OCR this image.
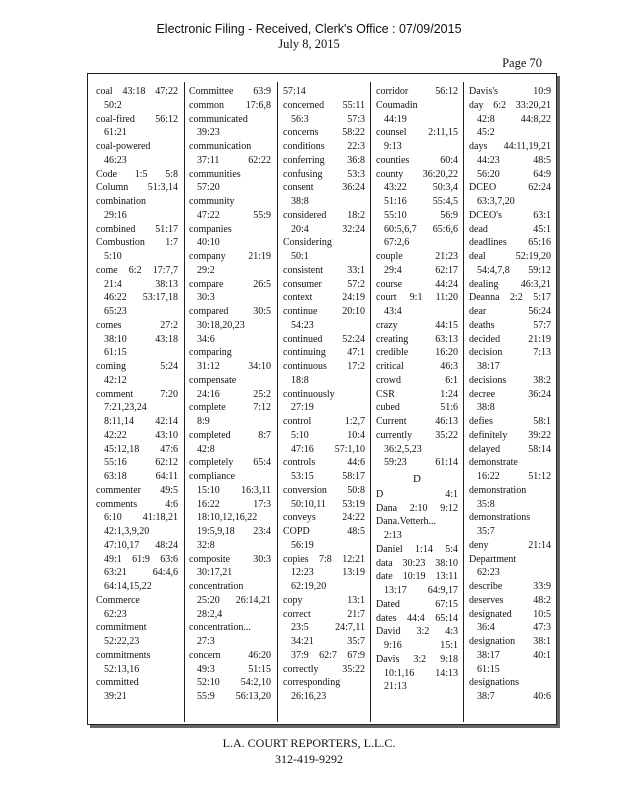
Electronic Filing - Received, Clerk's Office : 07/09/2015
July 8, 2015
Page 70
coal 43:18 47:22
50:2
coal-fired 56:12
61:21
coal-powered
46:23
Code 1:5 5:8
Column 51:3,14
combination
29:16
combined 51:17
Combustion 1:7
5:10
come 6:2 17:7,7
21:4 38:13
46:22 53:17,18
65:23
comes 27:2
38:10 43:18
61:15
coming 5:24
42:12
comment 7:20
7:21,23,24
8:11,14 42:14
42:22 43:10
45:12,18 47:6
55:16 62:12
63:18 64:11
commenter 49:5
comments 4:6
6:10 41:18,21
42:1,3,9,20
47:10,17 48:24
49:1 61:9 63:6
63:21 64:4,6
64:14,15,22
Commerce
62:23
commitment
52:22,23
commitments
52:13,16
committed
39:21
Committee 63:9
common 17:6,8
communicated
39:23
communication
37:11 62:22
communities
57:20
community
47:22 55:9
companies
40:10
company 21:19
29:2
compare 26:5
30:3
compared 30:5
30:18,20,23
34:6
comparing
31:12 34:10
compensate
24:16 25:2
complete 7:12
8:9
completed 8:7
42:8
completely 65:4
compliance
15:10 16:3,11
16:22 17:3
18:10,12,16,22
19:5,9,18 23:4
32:8
composite 30:3
30:17,21
concentration
25:20 26:14,21
28:2,4
concentration...
27:3
concern 46:20
49:3 51:15
52:10 54:2,10
55:9 56:13,20
57:14
concerned 55:11
56:3 57:3
concerns 58:22
conditions 22:3
conferring 36:8
confusing 53:3
consent 36:24
38:8
considered 18:2
20:4 32:24
Considering
50:1
consistent 33:1
consumer 57:2
context 24:19
continue 20:10
54:23
continued 52:24
continuing 47:1
continuous 17:2
18:8
continuously
27:19
control 1:2,7
5:10 10:4
47:16 57:1,10
controls 44:6
53:15 58:17
conversion 50:8
50:10,11 53:19
conveys 24:22
COPD 48:5
56:19
copies 7:8 12:21
12:23 13:19
62:19,20
copy 13:1
correct 21:7
23:5 24:7,11
34:21 35:7
37:9 62:7 67:9
correctly 35:22
corresponding
26:16,23
corridor 56:12
Coumadin
44:19
counsel 2:11,15
9:13
counties 60:4
county 36:20,22
43:22 50:3,4
51:16 55:4,5
55:10 56:9
60:5,6,7 65:6,6
67:2,6
couple 21:23
29:4 62:17
course 44:24
court 9:1 11:20
43:4
crazy 44:15
creating 63:13
credible 16:20
critical 46:3
crowd 6:1
CSR 1:24
cubed 51:6
Current 46:13
currently 35:22
36:2,5,23
59:23 61:14
D
D 4:1
Dana 2:10 9:12
Dana.Vetterh...
2:13
Daniel 1:14 5:4
data 30:23 38:10
date 10:19 13:11
13:17 64:9,17
Dated 67:15
dates 44:4 65:14
David 3:2 4:3
9:16 15:1
Davis 3:2 9:18
10:1,16 14:13
21:13
Davis's 10:9
day 6:2 33:20,21
42:8 44:8,22
45:2
days 44:11,19,21
44:23 48:5
56:20 64:9
DCEO 62:24
63:3,7,20
DCEO's 63:1
dead 45:1
deadlines 65:16
deal 52:19,20
54:4,7,8 59:12
dealing 46:3,21
Deanna 2:2 5:17
dear 56:24
deaths 57:7
decided 21:19
decision 7:13
38:17
decisions 38:2
decree 36:24
38:8
defies 58:1
definitely 39:22
delayed 58:14
demonstrate
16:22 51:12
demonstration
35:8
demonstrations
35:7
deny 21:14
Department
62:23
describe 33:9
deserves 48:2
designated 10:5
36:4 47:3
designation 38:1
38:17 40:1
61:15
designations
38:7 40:6
L.A. COURT REPORTERS, L.L.C.
312-419-9292
